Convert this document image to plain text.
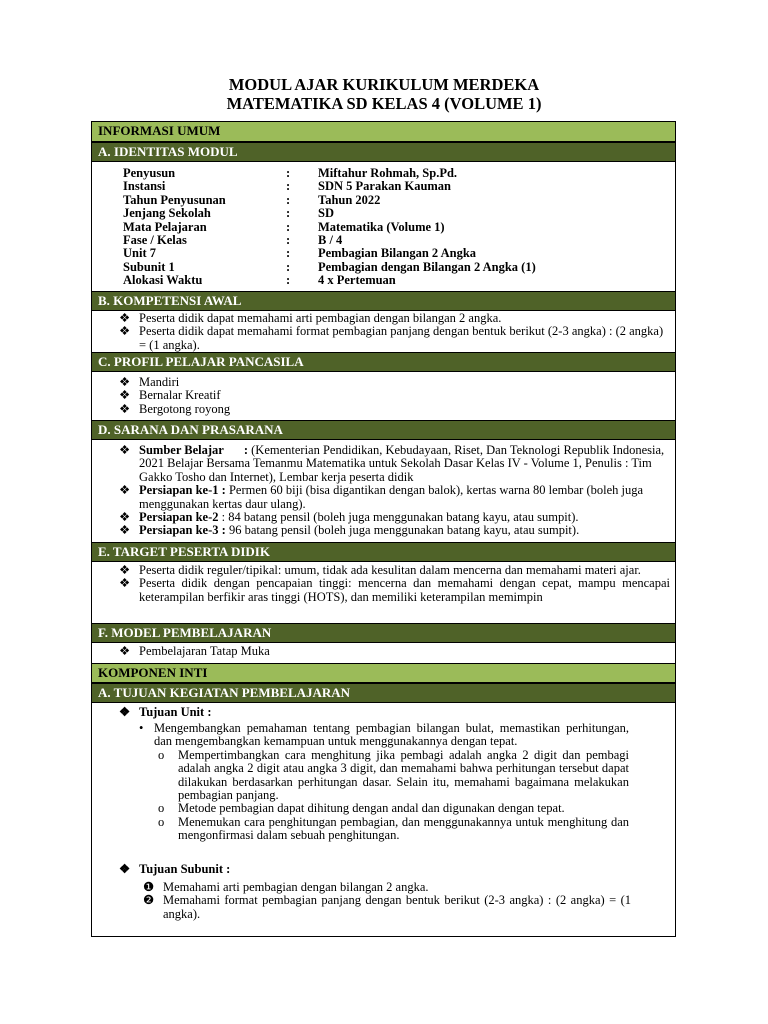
MODUL AJAR KURIKULUM MERDEKA
MATEMATIKA SD KELAS 4 (VOLUME 1)
INFORMASI UMUM
A. IDENTITAS MODUL
Penyusun	: Miftahur Rohmah, Sp.Pd.
Instansi	: SDN 5 Parakan Kauman
Tahun Penyusunan	: Tahun 2022
Jenjang Sekolah	: SD
Mata Pelajaran	: Matematika (Volume 1)
Fase / Kelas	: B / 4
Unit 7	: Pembagian Bilangan 2 Angka
Subunit 1	: Pembagian dengan Bilangan 2 Angka (1)
Alokasi Waktu	: 4 x Pertemuan
B. KOMPETENSI AWAL
❖ Peserta didik dapat memahami arti pembagian dengan bilangan 2 angka.
❖ Peserta didik dapat memahami format pembagian panjang dengan bentuk berikut (2-3 angka) : (2 angka) = (1 angka).
C. PROFIL PELAJAR PANCASILA
❖ Mandiri
❖ Bernalar Kreatif
❖ Bergotong royong
D. SARANA DAN PRASARANA
❖ Sumber Belajar : (Kementerian Pendidikan, Kebudayaan, Riset, Dan Teknologi Republik Indonesia, 2021 Belajar Bersama Temanmu Matematika untuk Sekolah Dasar Kelas IV - Volume 1, Penulis : Tim Gakko Tosho dan Internet), Lembar kerja peserta didik
❖ Persiapan ke-1 : Permen 60 biji (bisa digantikan dengan balok), kertas warna 80 lembar (boleh juga menggunakan kertas daur ulang).
❖ Persiapan ke-2 : 84 batang pensil (boleh juga menggunakan batang kayu, atau sumpit).
❖ Persiapan ke-3 : 96 batang pensil (boleh juga menggunakan batang kayu, atau sumpit).
E. TARGET PESERTA DIDIK
❖ Peserta didik reguler/tipikal: umum, tidak ada kesulitan dalam mencerna dan memahami materi ajar.
❖ Peserta didik dengan pencapaian tinggi: mencerna dan memahami dengan cepat, mampu mencapai keterampilan berfikir aras tinggi (HOTS), dan memiliki keterampilan memimpin
F. MODEL PEMBELAJARAN
❖ Pembelajaran Tatap Muka
KOMPONEN INTI
A. TUJUAN KEGIATAN PEMBELAJARAN
❖ Tujuan Unit :
• Mengembangkan pemahaman tentang pembagian bilangan bulat, memastikan perhitungan, dan mengembangkan kemampuan untuk menggunakannya dengan tepat.
o Mempertimbangkan cara menghitung jika pembagi adalah angka 2 digit dan pembagi adalah angka 2 digit atau angka 3 digit, dan memahami bahwa perhitungan tersebut dapat dilakukan berdasarkan perhitungan dasar. Selain itu, memahami bagaimana melakukan pembagian panjang.
o Metode pembagian dapat dihitung dengan andal dan digunakan dengan tepat.
o Menemukan cara penghitungan pembagian, dan menggunakannya untuk menghitung dan mengonfirmasi dalam sebuah penghitungan.
❖ Tujuan Subunit :
❶ Memahami arti pembagian dengan bilangan 2 angka.
❷ Memahami format pembagian panjang dengan bentuk berikut (2-3 angka) : (2 angka) = (1 angka).
